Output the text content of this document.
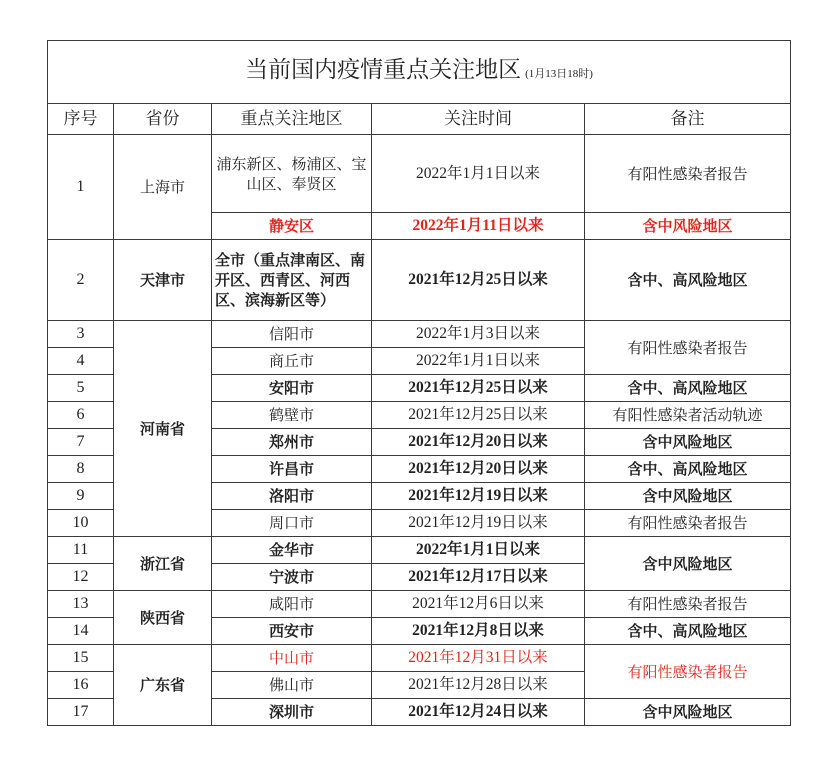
当前国内疫情重点关注地区 (1月13日18时)				
序号	省份	重点关注地区	关注时间	备注
1	上海市	浦东新区、杨浦区、宝山区、奉贤区	2022年1月1日以来	有阳性感染者报告
		静安区	2022年1月11日以来	含中风险地区
2	天津市	全市（重点津南区、南开区、西青区、河西区、滨海新区等）	2021年12月25日以来	含中、高风险地区
3	河南省	信阳市	2022年1月3日以来	有阳性感染者报告
4		商丘市	2022年1月1日以来	
5		安阳市	2021年12月25日以来	含中、高风险地区
6		鹤壁市	2021年12月25日以来	有阳性感染者活动轨迹
7		郑州市	2021年12月20日以来	含中风险地区
8		许昌市	2021年12月20日以来	含中、高风险地区
9		洛阳市	2021年12月19日以来	含中风险地区
10		周口市	2021年12月19日以来	有阳性感染者报告
11	浙江省	金华市	2022年1月1日以来	含中风险地区
12		宁波市	2021年12月17日以来	
13	陕西省	咸阳市	2021年12月6日以来	有阳性感染者报告
14		西安市	2021年12月8日以来	含中、高风险地区
15	广东省	中山市	2021年12月31日以来	有阳性感染者报告
16		佛山市	2021年12月28日以来	
17		深圳市	2021年12月24日以来	含中风险地区
